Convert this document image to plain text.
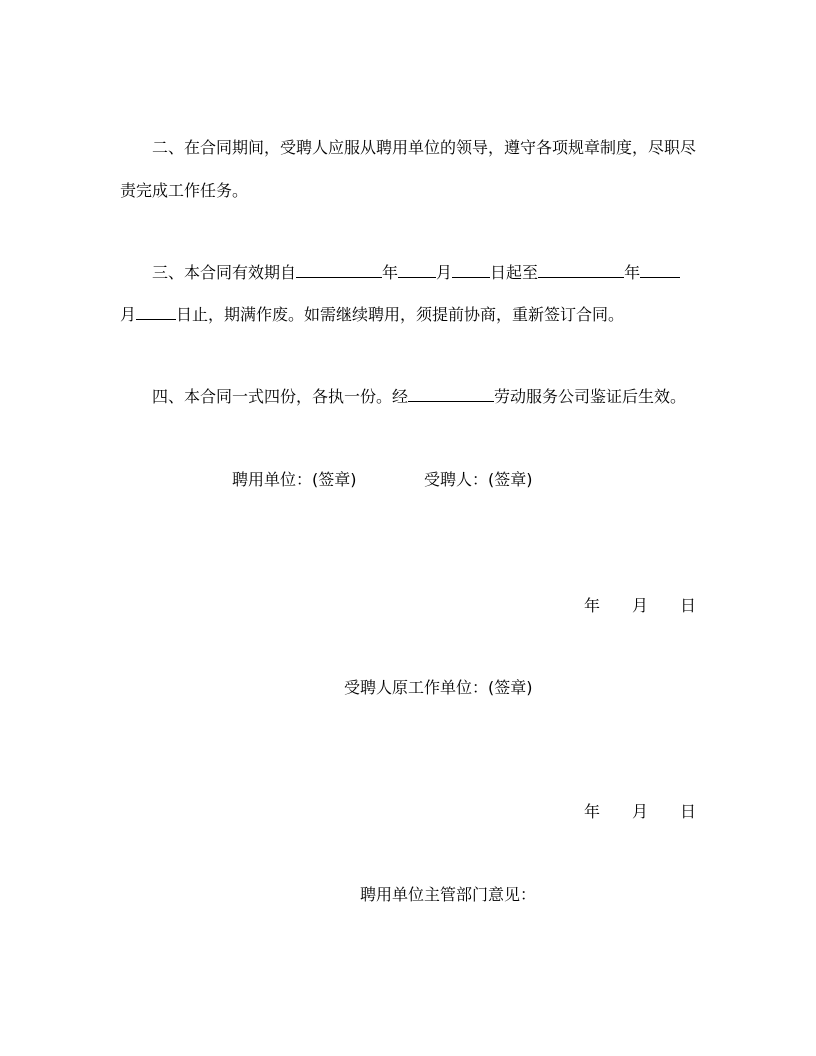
二、在合同期间，受聘人应服从聘用单位的领导，遵守各项规章制度，尽职尽
责完成工作任务。
三、本合同有效期自	年 月 日起至	年
月	日止，期满作废。如需继续聘用，须提前协商，重新签订合同。
四、本合同一式四份，各执一份。经	劳动服务公司鉴证后生效。
聘用单位：(签章)	受聘人：(签章)
年 月 日
受聘人原工作单位：(签章)
年 月 日
聘用单位主管部门意见：
